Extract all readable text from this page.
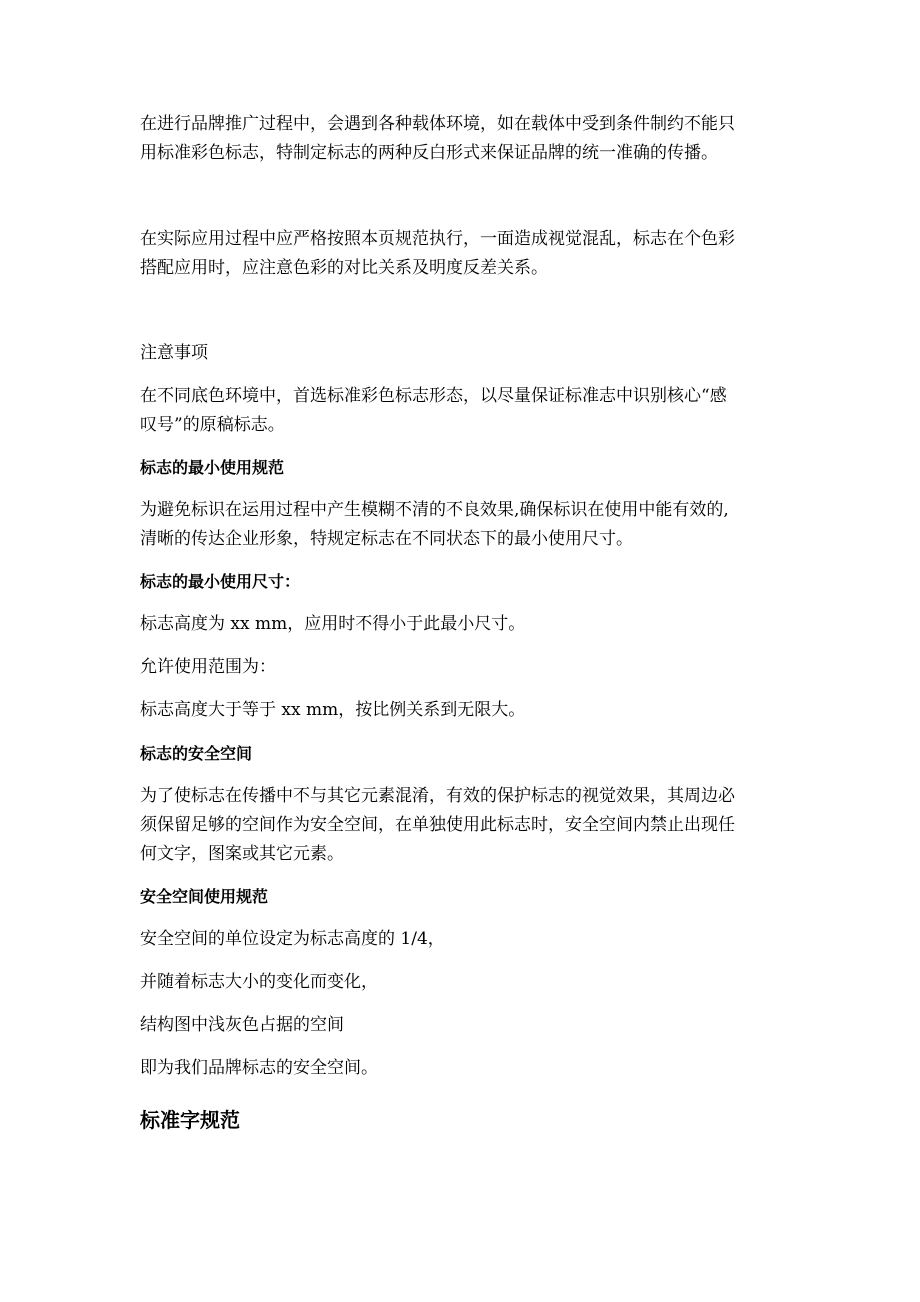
在进行品牌推广过程中，会遇到各种载体环境，如在载体中受到条件制约不能只
用标准彩色标志，特制定标志的两种反白形式来保证品牌的统一准确的传播。

在实际应用过程中应严格按照本页规范执行，一面造成视觉混乱，标志在个色彩
搭配应用时，应注意色彩的对比关系及明度反差关系。

注意事项

在不同底色环境中，首选标准彩色标志形态，以尽量保证标准志中识别核心“感
叹号”的原稿标志。

标志的最小使用规范

为避免标识在运用过程中产生模糊不清的不良效果,确保标识在使用中能有效的,
清晰的传达企业形象，特规定标志在不同状态下的最小使用尺寸。

标志的最小使用尺寸：

标志高度为 xx mm，应用时不得小于此最小尺寸。

允许使用范围为：

标志高度大于等于 xx mm，按比例关系到无限大。

标志的安全空间

为了使标志在传播中不与其它元素混淆，有效的保护标志的视觉效果，其周边必
须保留足够的空间作为安全空间，在单独使用此标志时，安全空间内禁止出现任
何文字，图案或其它元素。

安全空间使用规范

安全空间的单位设定为标志高度的 1/4，

并随着标志大小的变化而变化，

结构图中浅灰色占据的空间

即为我们品牌标志的安全空间。

标准字规范
